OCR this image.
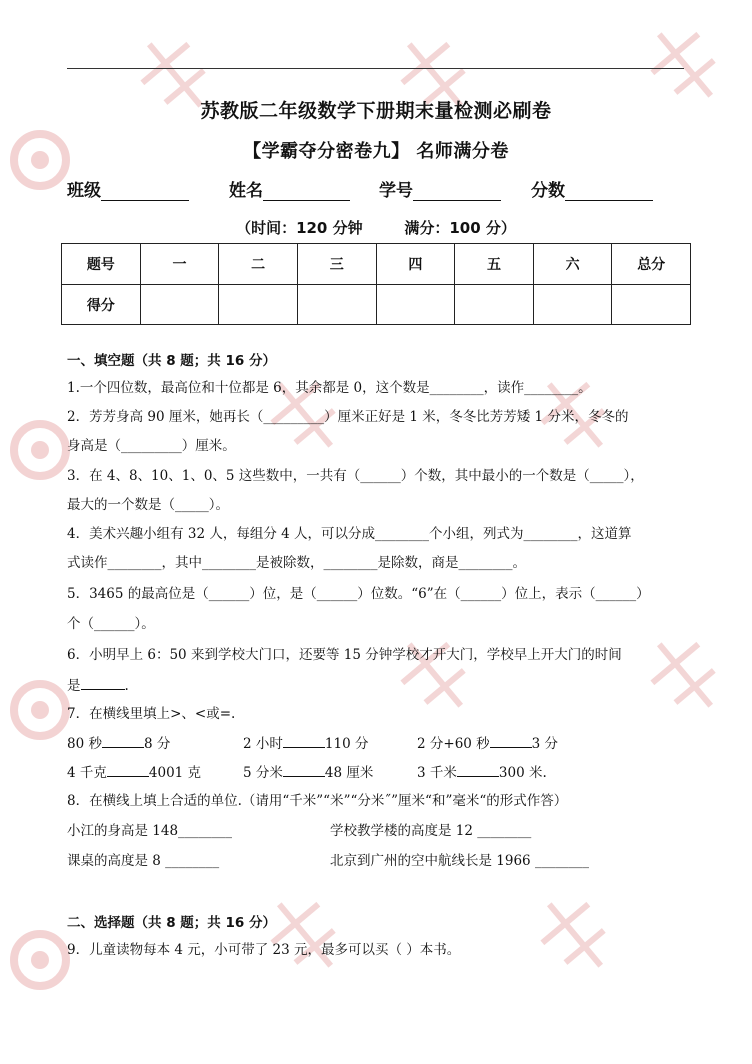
苏教版二年级数学下册期末量检测必刷卷
【学霸夺分密卷九】 名师满分卷
班级	姓名	学号	分数
（时间：120 分钟        满分：100 分）
题号	一	二	三	四	五	六	总分
得分							
一、填空题（共 8 题；共 16 分）
1.一个四位数，最高位和十位都是 6，其余都是 0，这个数是________，读作________。
2．芳芳身高 90 厘米，她再长（_________）厘米正好是 1 米，冬冬比芳芳矮 1 分米，冬冬的
身高是（_________）厘米。
3．在 4、8、10、1、0、5 这些数中，一共有（______）个数，其中最小的一个数是（_____），
最大的一个数是（_____）。
4．美术兴趣小组有 32 人，每组分 4 人，可以分成________个小组，列式为________，这道算
式读作________，其中________是被除数，________是除数，商是________。
5．3465 的最高位是（______）位，是（______）位数。“6”在（______）位上，表示（______）
个（______）。
6．小明早上 6：50 来到学校大门口，还要等 15 分钟学校才开大门，学校早上开大门的时间
是	.
7．在横线里填上>、<或=.
80 秒	8 分	2 小时	110 分	2 分+60 秒	3 分
4 千克	4001 克	5 分米	48 厘米	3 千米	300 米.
8．在横线上填上合适的单位.（请用“千米”“米”“分米˝”厘米“和”毫米“的形式作答）
小江的身高是 148________	学校教学楼的高度是 12 ________
课桌的高度是 8 ________	北京到广州的空中航线长是 1966 ________
二、选择题（共 8 题；共 16 分）
9．儿童读物每本 4 元，小可带了 23 元，最多可以买（ ）本书。
